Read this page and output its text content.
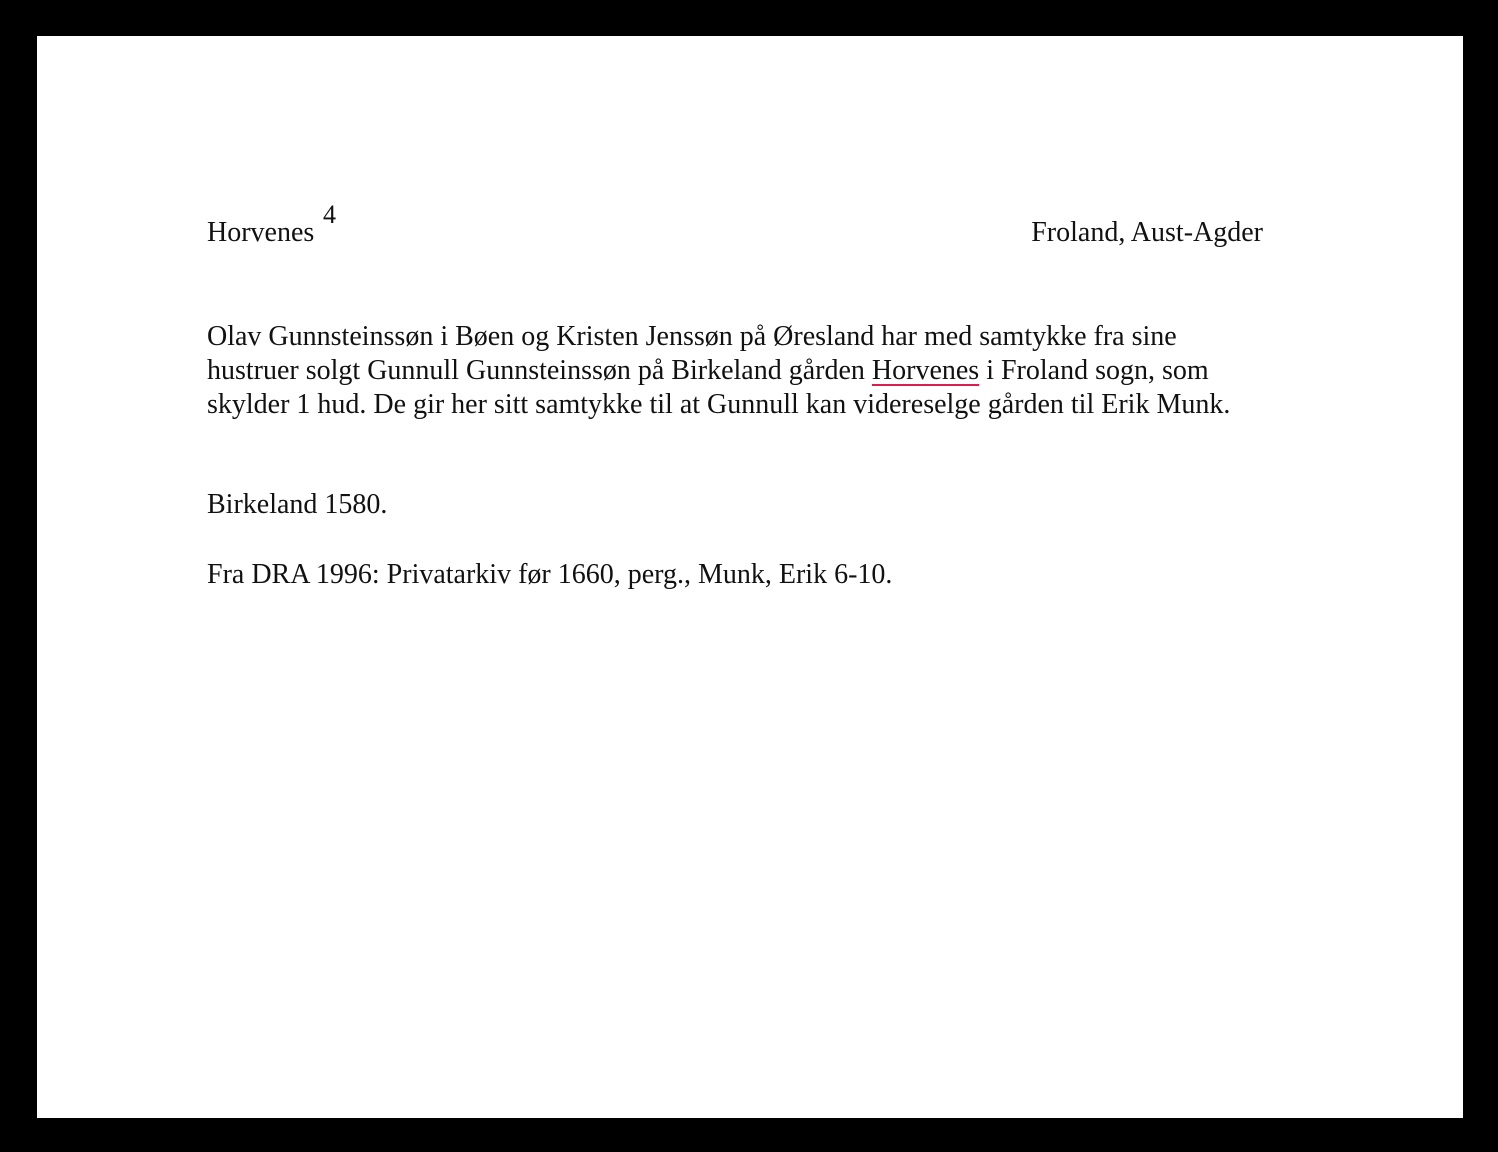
Horvenes
4
Froland, Aust-Agder
Olav Gunnsteinssøn i Bøen og Kristen Jenssøn på Øresland har med samtykke fra sine
hustruer solgt Gunnull Gunnsteinssøn på Birkeland gården Horvenes i Froland sogn, som
skylder 1 hud. De gir her sitt samtykke til at Gunnull kan videreselge gården til Erik Munk.
Birkeland 1580.
Fra DRA 1996: Privatarkiv før 1660, perg., Munk, Erik 6-10.
